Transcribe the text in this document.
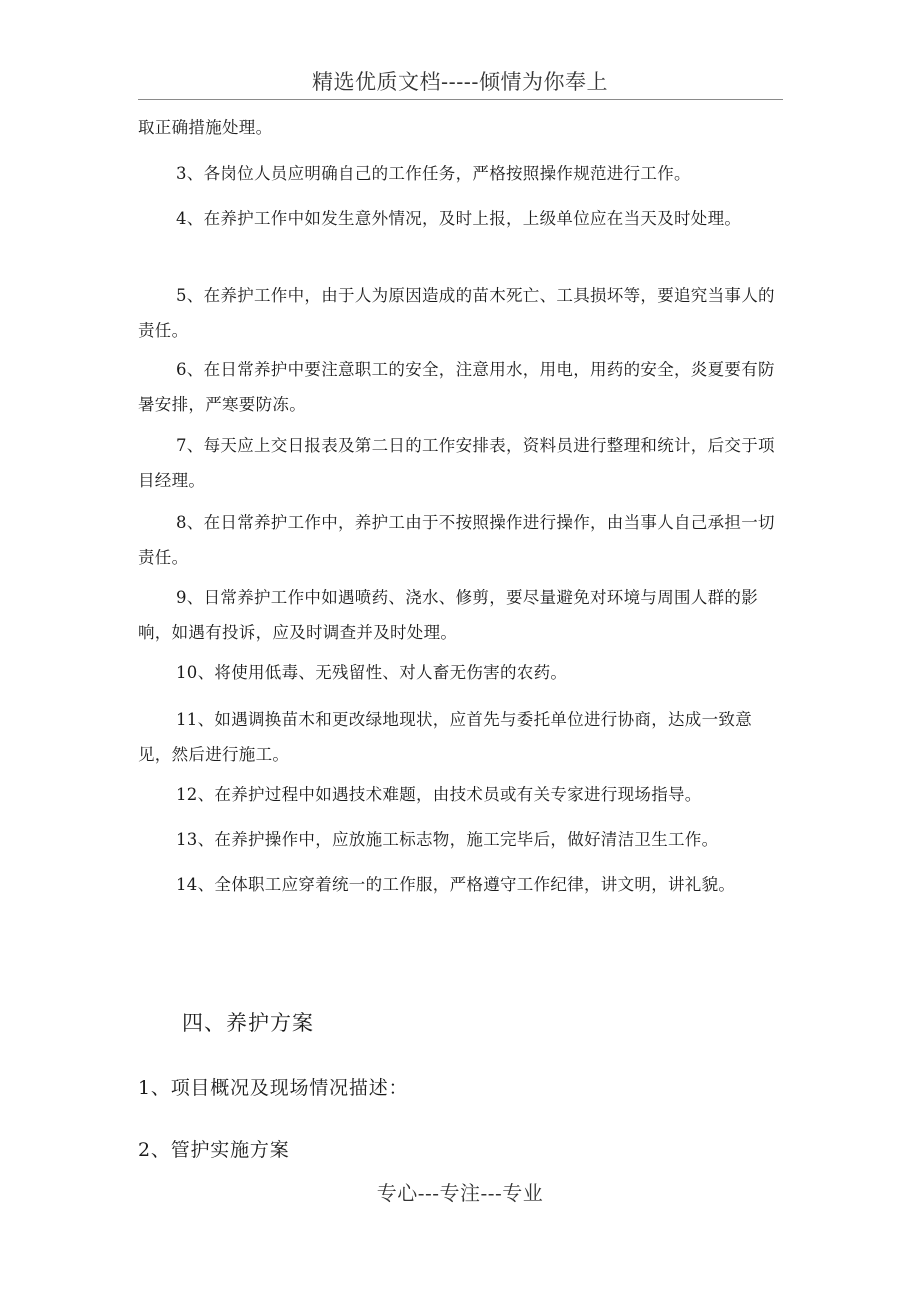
精选优质文档-----倾情为你奉上

取正确措施处理。

3、各岗位人员应明确自己的工作任务，严格按照操作规范进行工作。

4、在养护工作中如发生意外情况，及时上报，上级单位应在当天及时处理。

5、在养护工作中，由于人为原因造成的苗木死亡、工具损坏等，要追究当事人的责任。

6、在日常养护中要注意职工的安全，注意用水，用电，用药的安全，炎夏要有防暑安排，严寒要防冻。

7、每天应上交日报表及第二日的工作安排表，资料员进行整理和统计，后交于项目经理。

8、在日常养护工作中，养护工由于不按照操作进行操作，由当事人自己承担一切责任。

9、日常养护工作中如遇喷药、浇水、修剪，要尽量避免对环境与周围人群的影响，如遇有投诉，应及时调查并及时处理。

10、将使用低毒、无残留性、对人畜无伤害的农药。

11、如遇调换苗木和更改绿地现状，应首先与委托单位进行协商，达成一致意见，然后进行施工。

12、在养护过程中如遇技术难题，由技术员或有关专家进行现场指导。

13、在养护操作中，应放施工标志物，施工完毕后，做好清洁卫生工作。

14、全体职工应穿着统一的工作服，严格遵守工作纪律，讲文明，讲礼貌。

四、养护方案
1、项目概况及现场情况描述：
2、管护实施方案
专心---专注---专业
